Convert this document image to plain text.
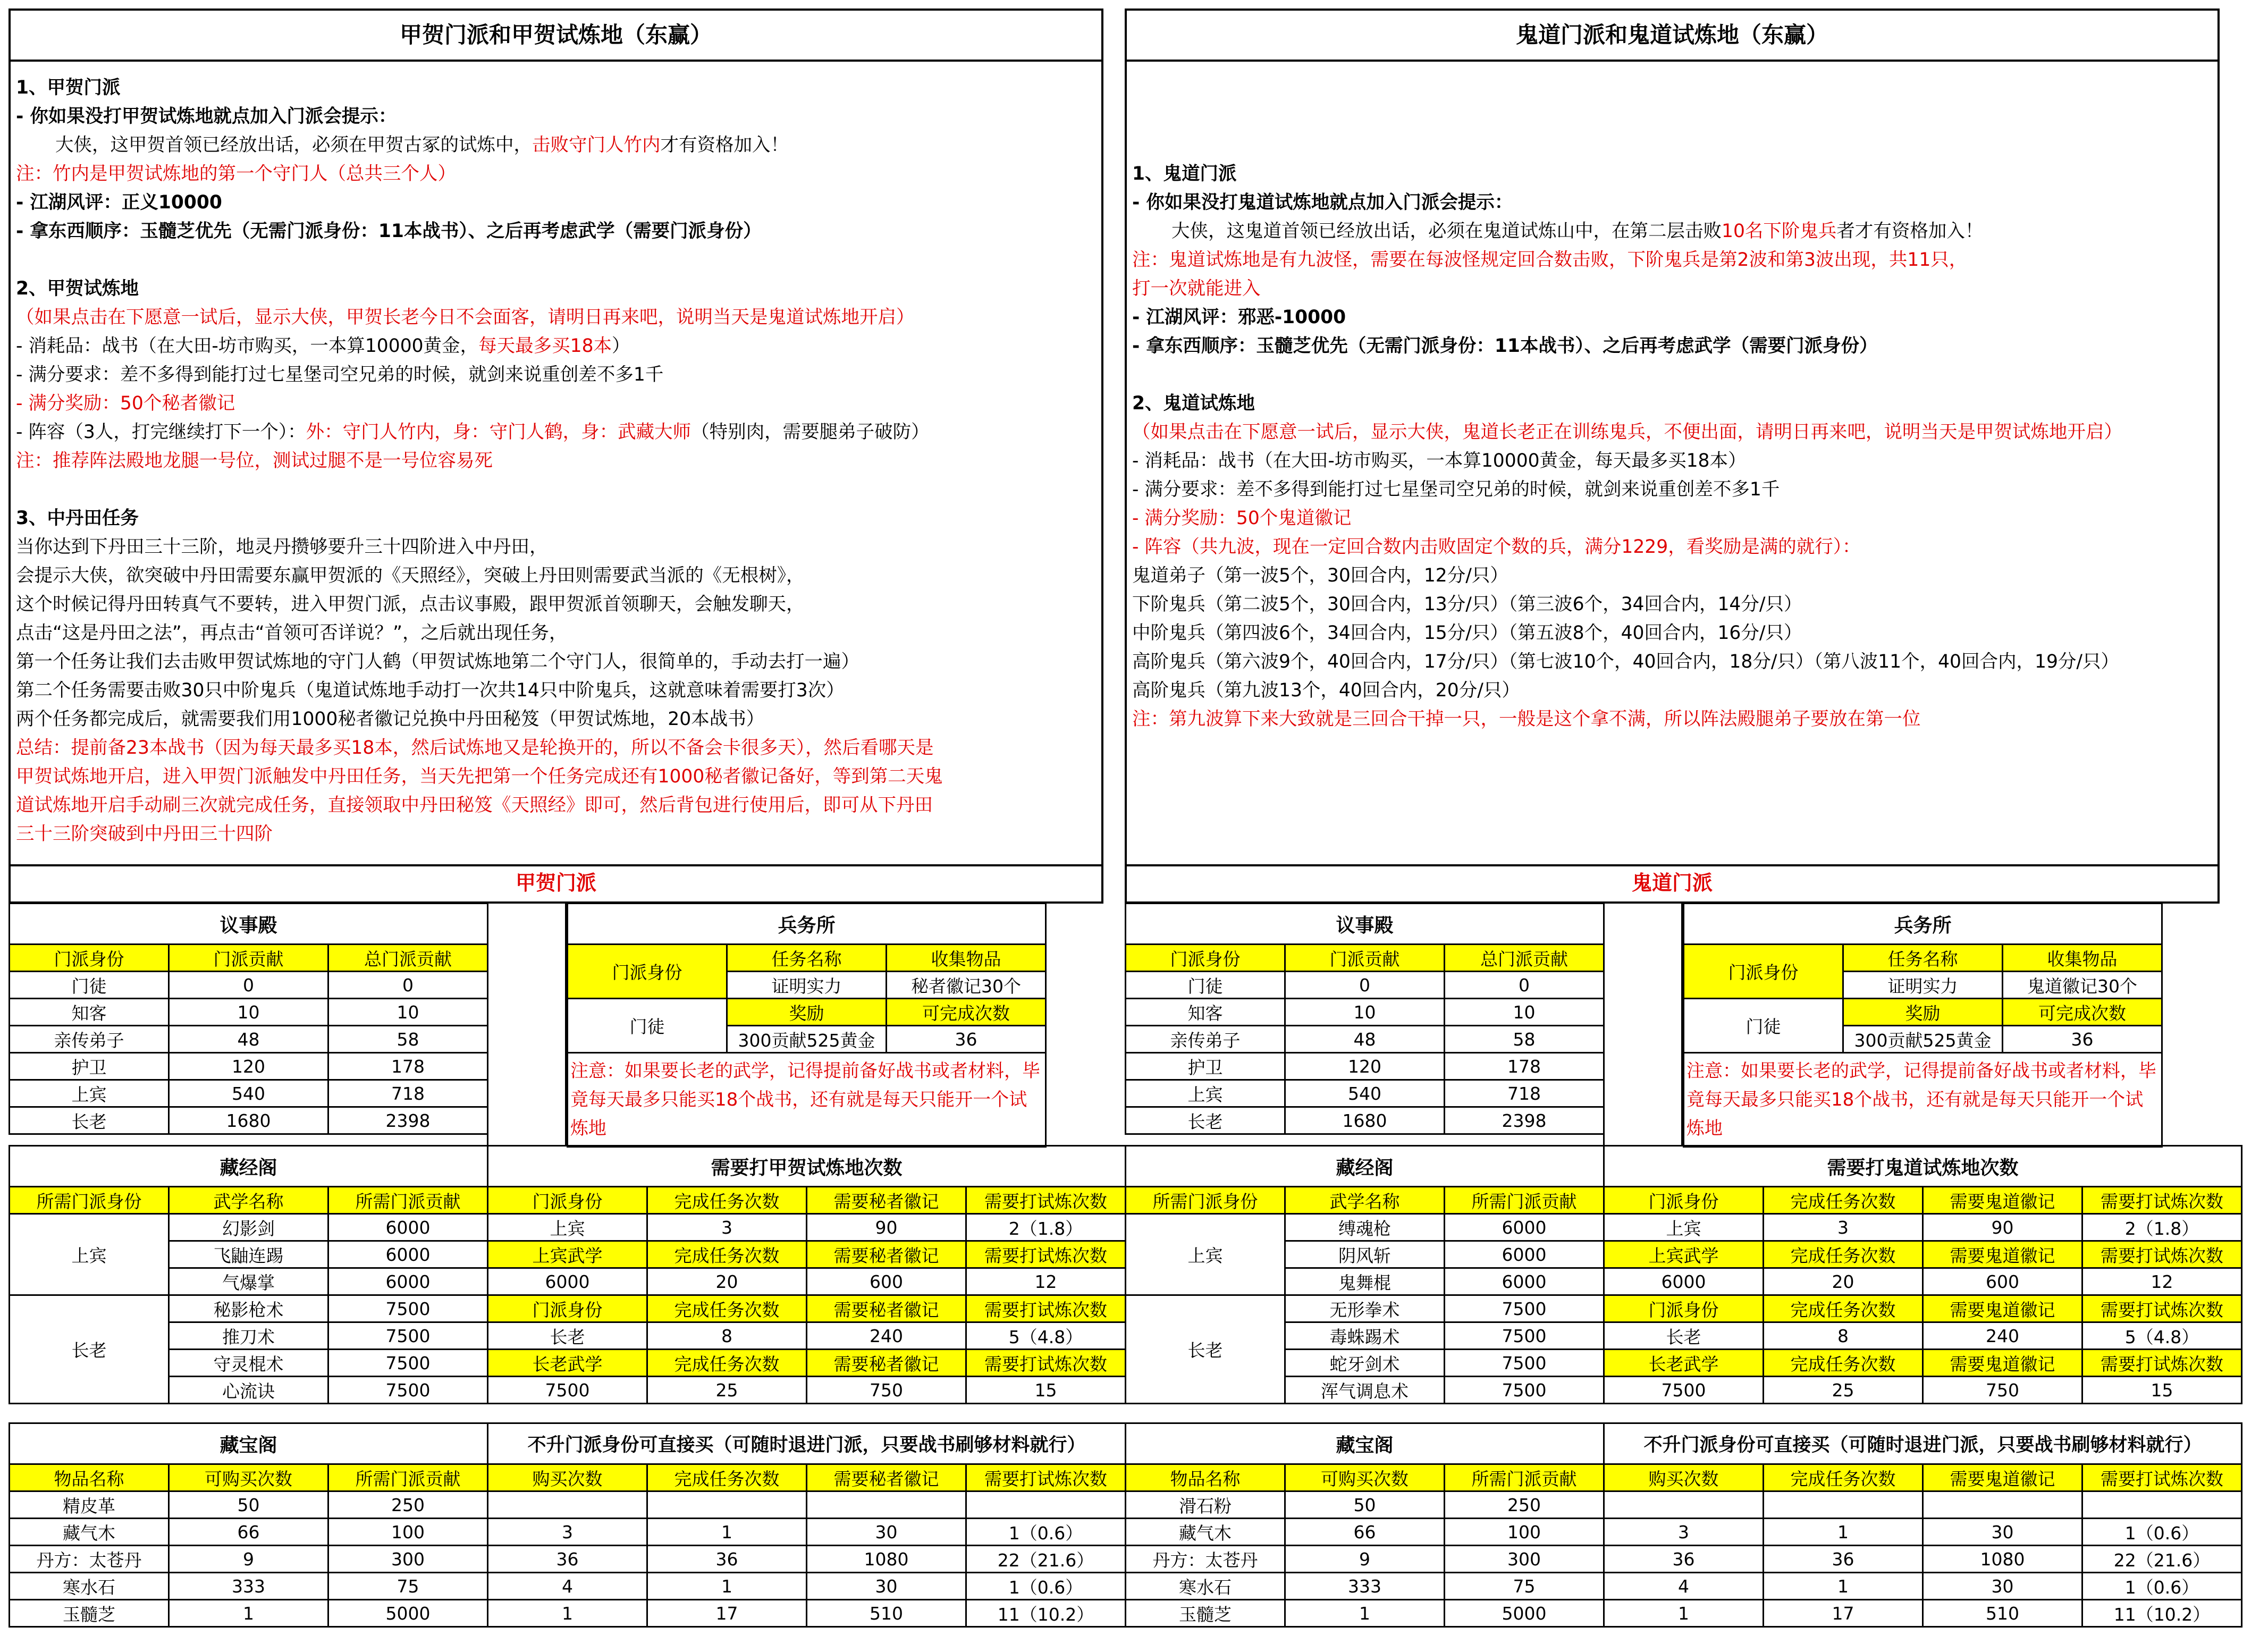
甲贺门派和甲贺试炼地（东赢）
1、甲贺门派
- 你如果没打甲贺试炼地就点加入门派会提示：
大侠，这甲贺首领已经放出话，必须在甲贺古冢的试炼中，击败守门人竹内才有资格加入！
注：竹内是甲贺试炼地的第一个守门人（总共三个人）
- 江湖风评：正义10000
- 拿东西顺序：玉髓芝优先（无需门派身份：11本战书）、之后再考虑武学（需要门派身份）
2、甲贺试炼地
（如果点击在下愿意一试后，显示大侠，甲贺长老今日不会面客，请明日再来吧，说明当天是鬼道试炼地开启）
- 消耗品：战书（在大田-坊市购买，一本算10000黄金，每天最多买18本）
- 满分要求：差不多得到能打过七星堡司空兄弟的时候，就剑来说重创差不多1千
- 满分奖励：50个秘者徽记
- 阵容（3人，打完继续打下一个）：外：守门人竹内，身：守门人鹤，身：武藏大师（特别肉，需要腿弟子破防）
注：推荐阵法殿地龙腿一号位，测试过腿不是一号位容易死
3、中丹田任务
当你达到下丹田三十三阶，地灵丹攒够要升三十四阶进入中丹田，
会提示大侠，欲突破中丹田需要东赢甲贺派的《天照经》，突破上丹田则需要武当派的《无根树》，
这个时候记得丹田转真气不要转，进入甲贺门派，点击议事殿，跟甲贺派首领聊天，会触发聊天，
点击“这是丹田之法”，再点击“首领可否详说？”，之后就出现任务，
第一个任务让我们去击败甲贺试炼地的守门人鹤（甲贺试炼地第二个守门人，很简单的，手动去打一遍）
第二个任务需要击败30只中阶鬼兵（鬼道试炼地手动打一次共14只中阶鬼兵，这就意味着需要打3次）
两个任务都完成后，就需要我们用1000秘者徽记兑换中丹田秘笈（甲贺试炼地，20本战书）
总结：提前备23本战书（因为每天最多买18本，然后试炼地又是轮换开的，所以不备会卡很多天），然后看哪天是
甲贺试炼地开启，进入甲贺门派触发中丹田任务，当天先把第一个任务完成还有1000秘者徽记备好，等到第二天鬼
道试炼地开启手动刷三次就完成任务，直接领取中丹田秘笈《天照经》即可，然后背包进行使用后，即可从下丹田
三十三阶突破到中丹田三十四阶
鬼道门派和鬼道试炼地（东赢）
1、鬼道门派
- 你如果没打鬼道试炼地就点加入门派会提示：
大侠，这鬼道首领已经放出话，必须在鬼道试炼山中，在第二层击败10名下阶鬼兵者才有资格加入！
注：鬼道试炼地是有九波怪，需要在每波怪规定回合数击败，下阶鬼兵是第2波和第3波出现，共11只，
打一次就能进入
- 江湖风评：邪恶-10000
- 拿东西顺序：玉髓芝优先（无需门派身份：11本战书）、之后再考虑武学（需要门派身份）
2、鬼道试炼地
（如果点击在下愿意一试后，显示大侠，鬼道长老正在训练鬼兵，不便出面，请明日再来吧，说明当天是甲贺试炼地开启）
- 消耗品：战书（在大田-坊市购买，一本算10000黄金，每天最多买18本）
- 满分要求：差不多得到能打过七星堡司空兄弟的时候，就剑来说重创差不多1千
- 满分奖励：50个鬼道徽记
- 阵容（共九波，现在一定回合数内击败固定个数的兵，满分1229，看奖励是满的就行）：
鬼道弟子（第一波5个，30回合内，12分/只）
下阶鬼兵（第二波5个，30回合内，13分/只）（第三波6个，34回合内，14分/只）
中阶鬼兵（第四波6个，34回合内，15分/只）（第五波8个，40回合内，16分/只）
高阶鬼兵（第六波9个，40回合内，17分/只）（第七波10个，40回合内，18分/只）（第八波11个，40回合内，19分/只）
高阶鬼兵（第九波13个，40回合内，20分/只）
注：第九波算下来大致就是三回合干掉一只，一般是这个拿不满，所以阵法殿腿弟子要放在第一位
甲贺门派	鬼道门派
议事殿		
门派身份	门派贡献	总门派贡献
门徒	0	0
知客	10	10
亲传弟子	48	58
护卫	120	178
上宾	540	718
长老	1680	2398
兵务所		
门派身份	任务名称	收集物品
	证明实力	秘者徽记30个
门徒	奖励	可完成次数
	300贡献525黄金	36
注意：如果要长老的武学，记得提前备好战书或者材料，毕竟每天最多只能买18个战书，还有就是每天只能开一个试炼地		
藏经阁		
所需门派身份	武学名称	所需门派贡献
上宾	幻影剑	6000
	飞鼬连踢	6000
	气爆掌	6000
长老	秘影枪术	7500
	推刀术	7500
	守灵棍术	7500
	心流诀	7500
需要打甲贺试炼地次数			
门派身份	完成任务次数	需要秘者徽记	需要打试炼次数
上宾	3	90	2（1.8）
上宾武学	完成任务次数	需要秘者徽记	需要打试炼次数
6000	20	600	12
门派身份	完成任务次数	需要秘者徽记	需要打试炼次数
长老	8	240	5（4.8）
长老武学	完成任务次数	需要秘者徽记	需要打试炼次数
7500	25	750	15
藏宝阁		
物品名称	可购买次数	所需门派贡献
精皮革	50	250
藏气木	66	100
丹方：太苍丹	9	300
寒水石	333	75
玉髓芝	1	5000
不升门派身份可直接买（可随时退进门派，只要战书刷够材料就行）			
购买次数	完成任务次数	需要秘者徽记	需要打试炼次数

3	1	30	1（0.6）
36	36	1080	22（21.6）
4	1	30	1（0.6）
1	17	510	11（10.2）
议事殿		
门派身份	门派贡献	总门派贡献
门徒	0	0
知客	10	10
亲传弟子	48	58
护卫	120	178
上宾	540	718
长老	1680	2398
兵务所		
门派身份	任务名称	收集物品
	证明实力	鬼道徽记30个
门徒	奖励	可完成次数
	300贡献525黄金	36
注意：如果要长老的武学，记得提前备好战书或者材料，毕竟每天最多只能买18个战书，还有就是每天只能开一个试炼地		
藏经阁		
所需门派身份	武学名称	所需门派贡献
上宾	缚魂枪	6000
	阴风斩	6000
	鬼舞棍	6000
长老	无形拳术	7500
	毒蛛踢术	7500
	蛇牙剑术	7500
	浑气调息术	7500
需要打鬼道试炼地次数			
门派身份	完成任务次数	需要鬼道徽记	需要打试炼次数
上宾	3	90	2（1.8）
上宾武学	完成任务次数	需要鬼道徽记	需要打试炼次数
6000	20	600	12
门派身份	完成任务次数	需要鬼道徽记	需要打试炼次数
长老	8	240	5（4.8）
长老武学	完成任务次数	需要鬼道徽记	需要打试炼次数
7500	25	750	15
藏宝阁		
物品名称	可购买次数	所需门派贡献
滑石粉	50	250
藏气木	66	100
丹方：太苍丹	9	300
寒水石	333	75
玉髓芝	1	5000
不升门派身份可直接买（可随时退进门派，只要战书刷够材料就行）			
购买次数	完成任务次数	需要鬼道徽记	需要打试炼次数

3	1	30	1（0.6）
36	36	1080	22（21.6）
4	1	30	1（0.6）
1	17	510	11（10.2）
